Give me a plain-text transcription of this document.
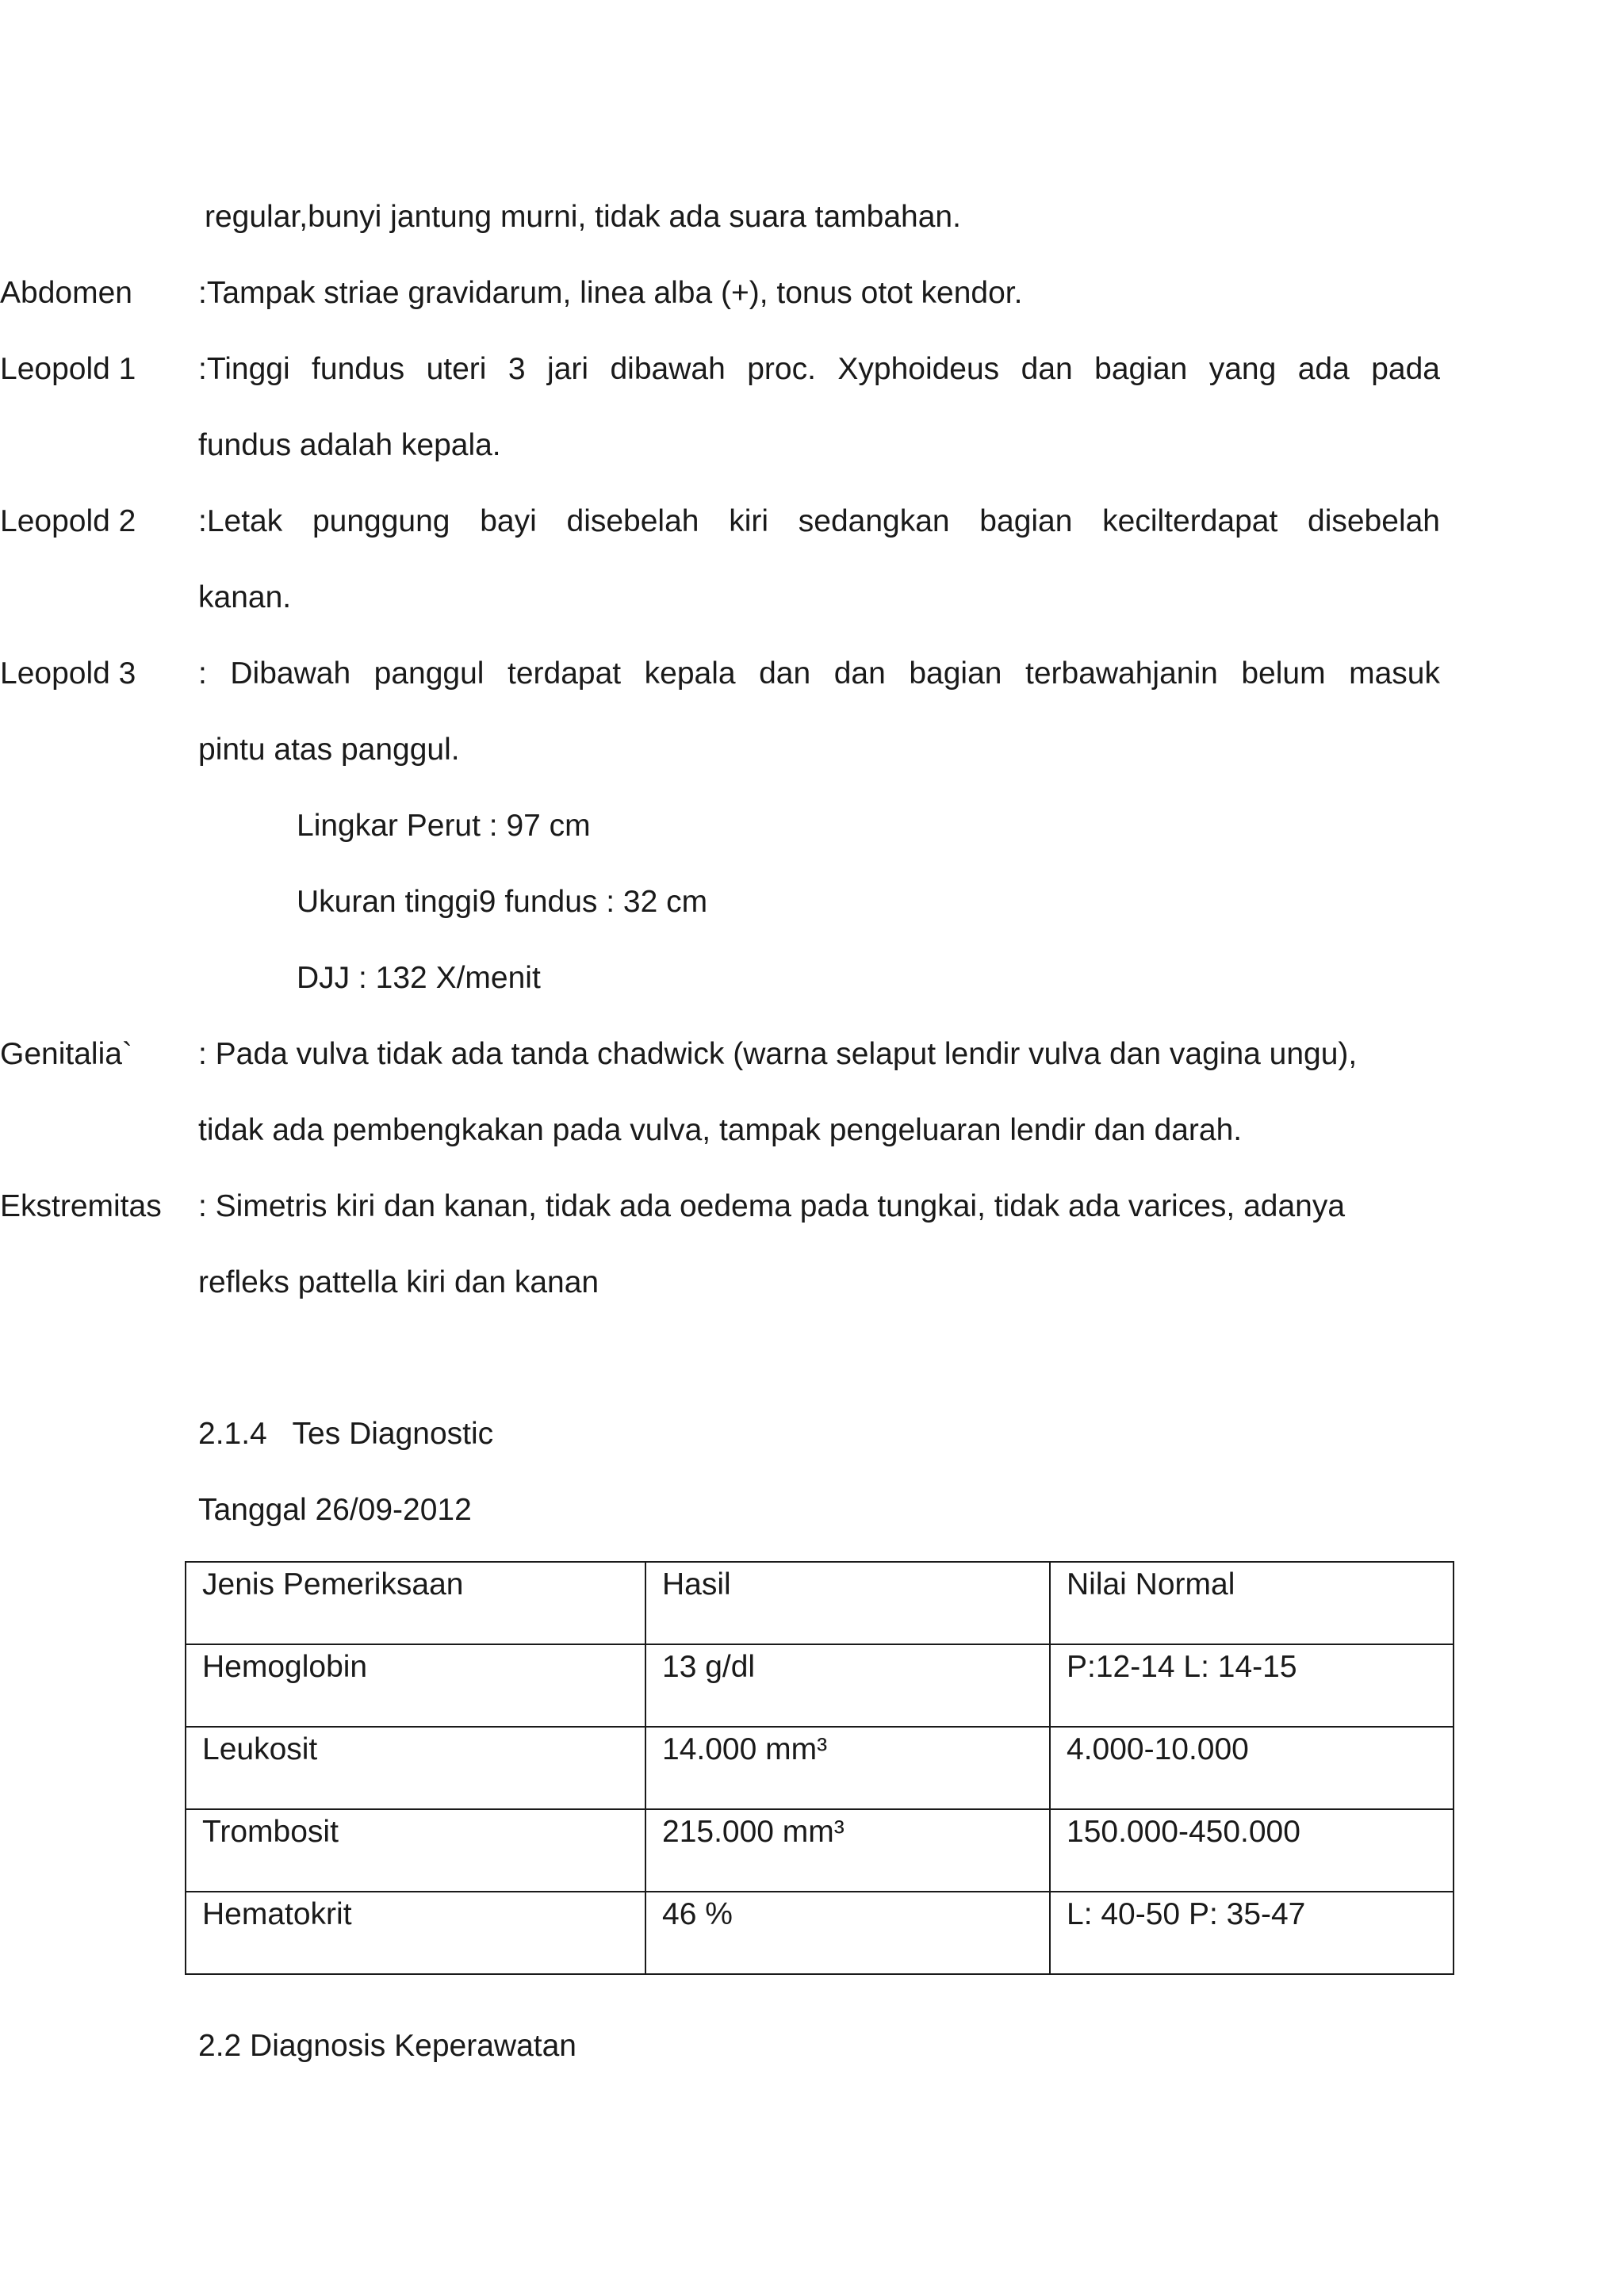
regular,bunyi jantung murni, tidak ada suara tambahan.
Abdomen :Tampak striae gravidarum, linea alba (+), tonus otot kendor.
Leopold 1 :Tinggi fundus uteri 3 jari dibawah proc. Xyphoideus dan bagian yang ada pada
fundus adalah kepala.
Leopold 2 :Letak punggung bayi disebelah kiri sedangkan bagian kecilterdapat disebelah
kanan.
Leopold 3 : Dibawah panggul terdapat kepala dan dan bagian terbawahjanin belum masuk
pintu atas panggul.
Lingkar Perut : 97 cm
Ukuran tinggi9 fundus : 32 cm
DJJ : 132 X/menit
Genitalia` : Pada vulva tidak ada tanda chadwick (warna selaput lendir vulva dan vagina ungu),
tidak ada pembengkakan pada vulva, tampak pengeluaran lendir dan darah.
Ekstremitas : Simetris kiri dan kanan, tidak ada oedema pada tungkai, tidak ada varices, adanya
refleks pattella kiri dan kanan
2.1.4   Tes Diagnostic
Tanggal 26/09-2012
Jenis Pemeriksaan	Hasil	Nilai Normal
Hemoglobin	13 g/dl	P:12-14 L: 14-15
Leukosit	14.000 mm³	4.000-10.000
Trombosit	215.000 mm³	150.000-450.000
Hematokrit	46 %	L: 40-50 P: 35-47
2.2 Diagnosis Keperawatan
